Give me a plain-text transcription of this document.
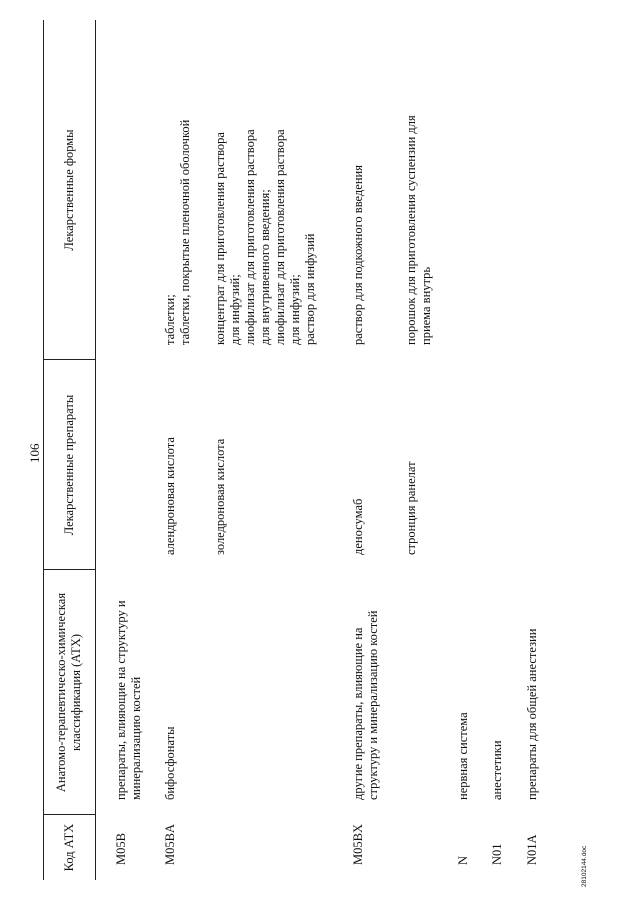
106
Код АТХ
Анатомо-терапевтическо-химическая классификация (АТХ)
Лекарственные препараты
Лекарственные формы
M05B
препараты, влияющие на структуру и минерализацию костей
M05BA
бифосфонаты
алендроновая кислота
таблетки; таблетки, покрытые пленочной оболочкой
золедроновая кислота
концентрат для приготовления раствора для инфузий; лиофилизат для приготовления раствора для внутривенного введения; лиофилизат для приготовления раствора для инфузий; раствор для инфузий
M05BX
другие препараты, влияющие на структуру и минерализацию костей
деносумаб
раствор для подкожного введения
стронция ранелат
порошок для приготовления суспензии для приема внутрь
N
нервная система
N01
анестетики
N01A
препараты для общей анестезии
28102144.doc
